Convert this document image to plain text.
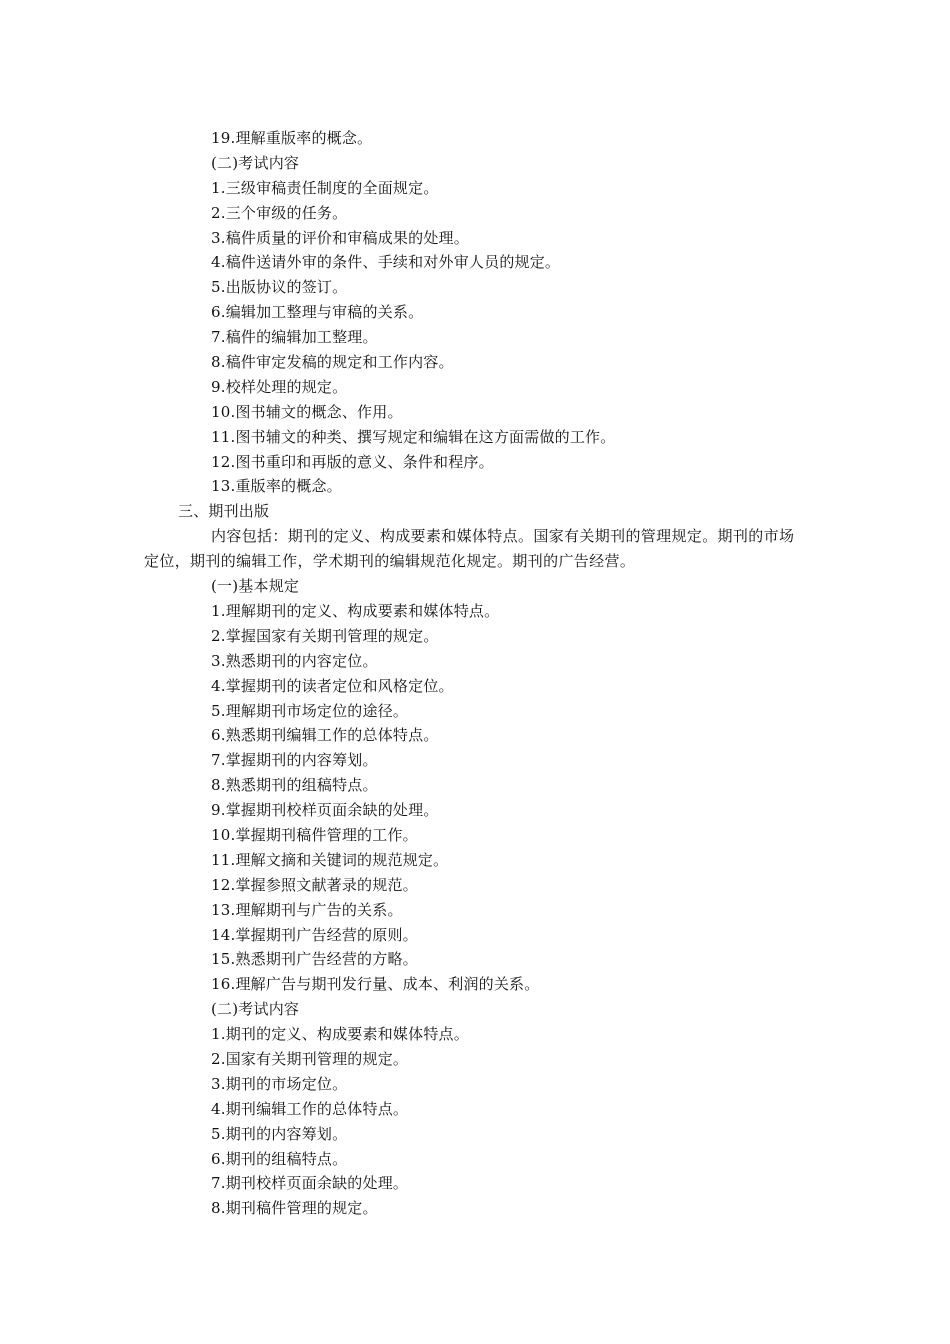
19.理解重版率的概念。
(二)考试内容
1.三级审稿责任制度的全面规定。
2.三个审级的任务。
3.稿件质量的评价和审稿成果的处理。
4.稿件送请外审的条件、手续和对外审人员的规定。
5.出版协议的签订。
6.编辑加工整理与审稿的关系。
7.稿件的编辑加工整理。
8.稿件审定发稿的规定和工作内容。
9.校样处理的规定。
10.图书辅文的概念、作用。
11.图书辅文的种类、撰写规定和编辑在这方面需做的工作。
12.图书重印和再版的意义、条件和程序。
13.重版率的概念。
三、期刊出版
内容包括：期刊的定义、构成要素和媒体特点。国家有关期刊的管理规定。期刊的市场定位，期刊的编辑工作，学术期刊的编辑规范化规定。期刊的广告经营。
(一)基本规定
1.理解期刊的定义、构成要素和媒体特点。
2.掌握国家有关期刊管理的规定。
3.熟悉期刊的内容定位。
4.掌握期刊的读者定位和风格定位。
5.理解期刊市场定位的途径。
6.熟悉期刊编辑工作的总体特点。
7.掌握期刊的内容筹划。
8.熟悉期刊的组稿特点。
9.掌握期刊校样页面余缺的处理。
10.掌握期刊稿件管理的工作。
11.理解文摘和关键词的规范规定。
12.掌握参照文献著录的规范。
13.理解期刊与广告的关系。
14.掌握期刊广告经营的原则。
15.熟悉期刊广告经营的方略。
16.理解广告与期刊发行量、成本、利润的关系。
(二)考试内容
1.期刊的定义、构成要素和媒体特点。
2.国家有关期刊管理的规定。
3.期刊的市场定位。
4.期刊编辑工作的总体特点。
5.期刊的内容筹划。
6.期刊的组稿特点。
7.期刊校样页面余缺的处理。
8.期刊稿件管理的规定。
